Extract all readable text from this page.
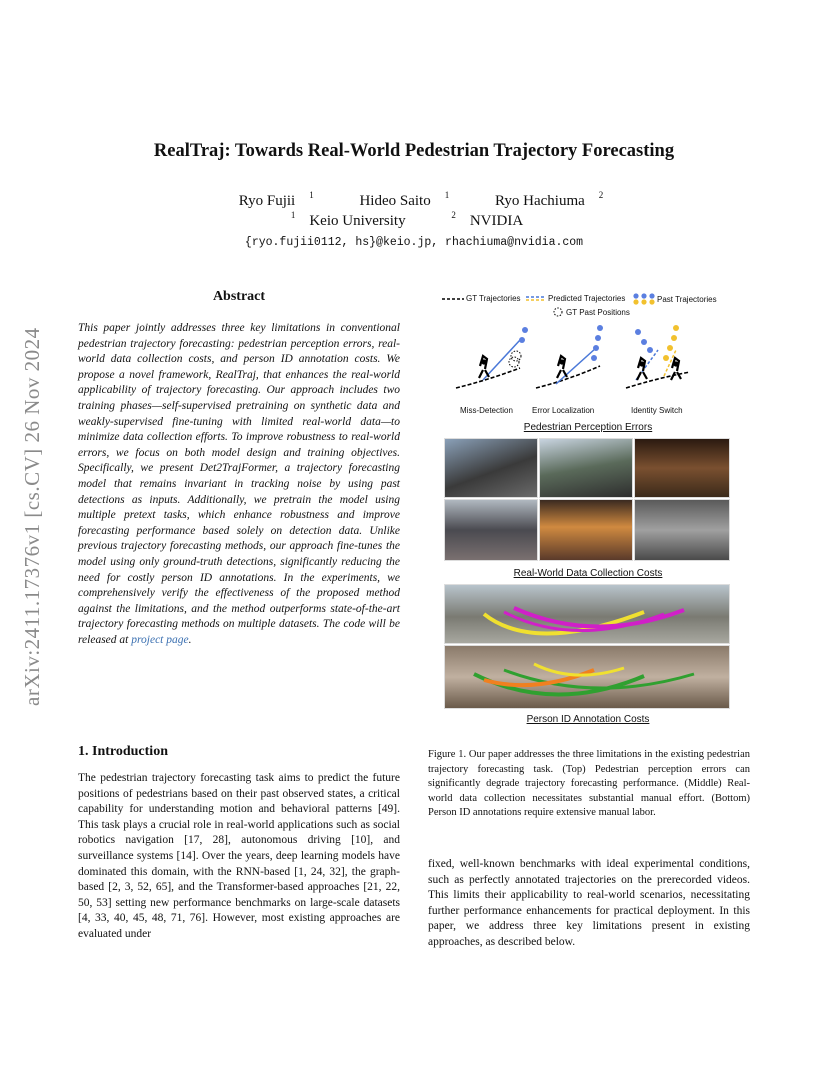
arXiv:2411.17376v1 [cs.CV] 26 Nov 2024
RealTraj: Towards Real-World Pedestrian Trajectory Forecasting
Ryo Fujii $^1$	Hideo Saito $^1$	Ryo Hachiuma $^2$
$^1$ Keio University	$^2$ NVIDIA
{ryo.fujii0112, hs}@keio.jp, rhachiuma@nvidia.com
Abstract
This paper jointly addresses three key limitations in conventional pedestrian trajectory forecasting: pedestrian perception errors, real-world data collection costs, and person ID annotation costs. We propose a novel framework, RealTraj, that enhances the real-world applicability of trajectory forecasting. Our approach includes two training phases—self-supervised pretraining on synthetic data and weakly-supervised fine-tuning with limited real-world data—to minimize data collection efforts. To improve robustness to real-world errors, we focus on both model design and training objectives. Specifically, we present Det2TrajFormer, a trajectory forecasting model that remains invariant in tracking noise by using past detections as inputs. Additionally, we pretrain the model using multiple pretext tasks, which enhance robustness and improve forecasting performance based solely on detection data. Unlike previous trajectory forecasting methods, our approach fine-tunes the model using only ground-truth detections, significantly reducing the need for costly person ID annotations. In the experiments, we comprehensively verify the effectiveness of the proposed method against the limitations, and the method outperforms state-of-the-art trajectory forecasting methods on multiple datasets. The code will be released at project page.
1. Introduction
The pedestrian trajectory forecasting task aims to predict the future positions of pedestrians based on their past observed states, a critical capability for understanding motion and behavioral patterns [49]. This task plays a crucial role in real-world applications such as social robotics navigation [17, 28], autonomous driving [10], and surveillance systems [14]. Over the years, deep learning models have dominated this domain, with the RNN-based [1, 24, 32], the graph-based [2, 3, 52, 65], and the Transformer-based approaches [21, 22, 50, 53] setting new performance benchmarks on large-scale datasets [4, 33, 40, 45, 48, 71, 76]. However, most existing approaches are evaluated under
GT Trajectories	Predicted Trajectories	Past Trajectories
GT Past Positions
Miss-Detection Error Localization	Identity Switch
Pedestrian Perception Errors
Real-World Data Collection Costs
Person ID Annotation Costs
Figure 1. Our paper addresses the three limitations in the existing pedestrian trajectory forecasting task. (Top) Pedestrian perception errors can significantly degrade trajectory forecasting performance. (Middle) Real-world data collection necessitates substantial manual effort. (Bottom) Person ID annotations require extensive manual labor.
fixed, well-known benchmarks with ideal experimental conditions, such as perfectly annotated trajectories on the prerecorded videos. This limits their applicability to real-world scenarios, necessitating further performance enhancements for practical deployment. In this paper, we address three key limitations present in existing approaches, as described below.
